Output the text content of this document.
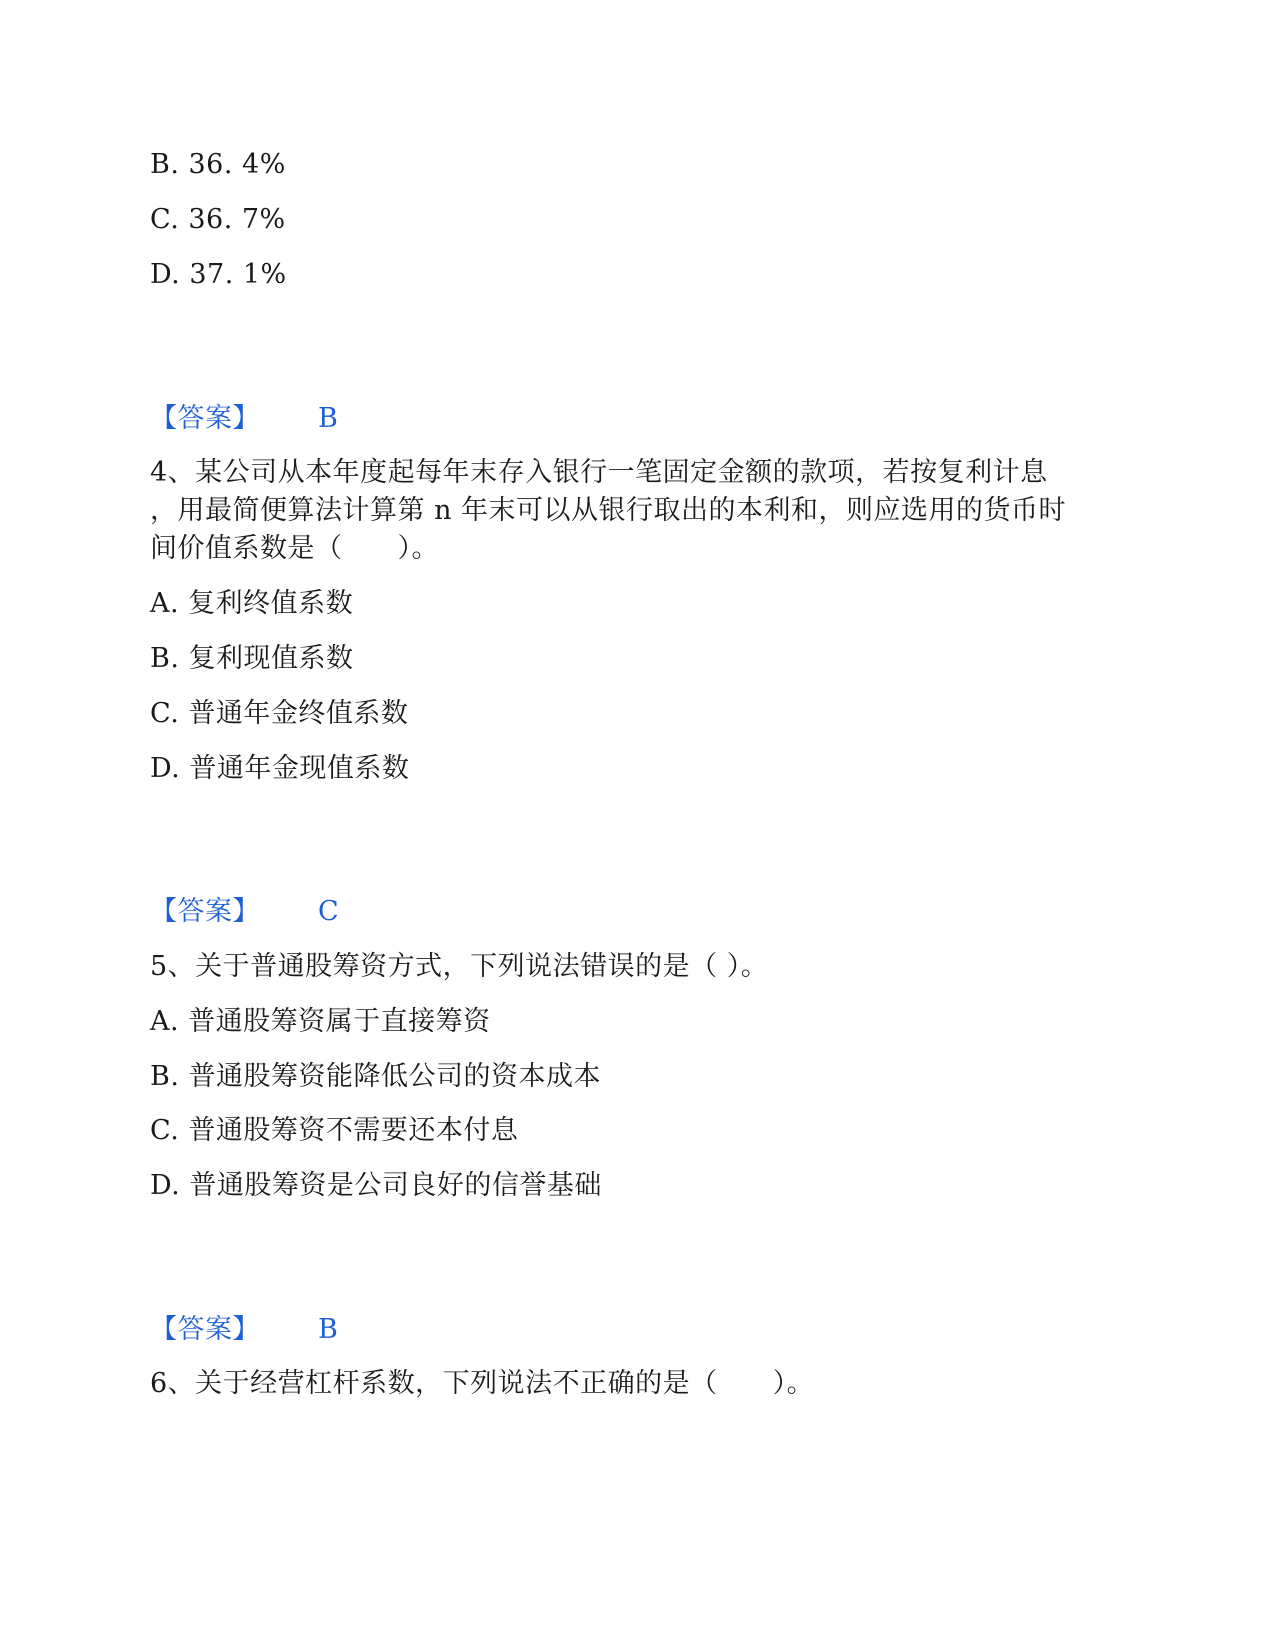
B. 36. 4%
C. 36. 7%
D. 37. 1%
【答案】 B
4、某公司从本年度起每年末存入银行一笔固定金额的款项，若按复利计息
，用最简便算法计算第 n 年末可以从银行取出的本利和，则应选用的货币时
间价值系数是（　　）。
A. 复利终值系数
B. 复利现值系数
C. 普通年金终值系数
D. 普通年金现值系数
【答案】 C
5、关于普通股筹资方式，下列说法错误的是（ ）。
A. 普通股筹资属于直接筹资
B. 普通股筹资能降低公司的资本成本
C. 普通股筹资不需要还本付息
D. 普通股筹资是公司良好的信誉基础
【答案】 B
6、关于经营杠杆系数，下列说法不正确的是（　　）。
